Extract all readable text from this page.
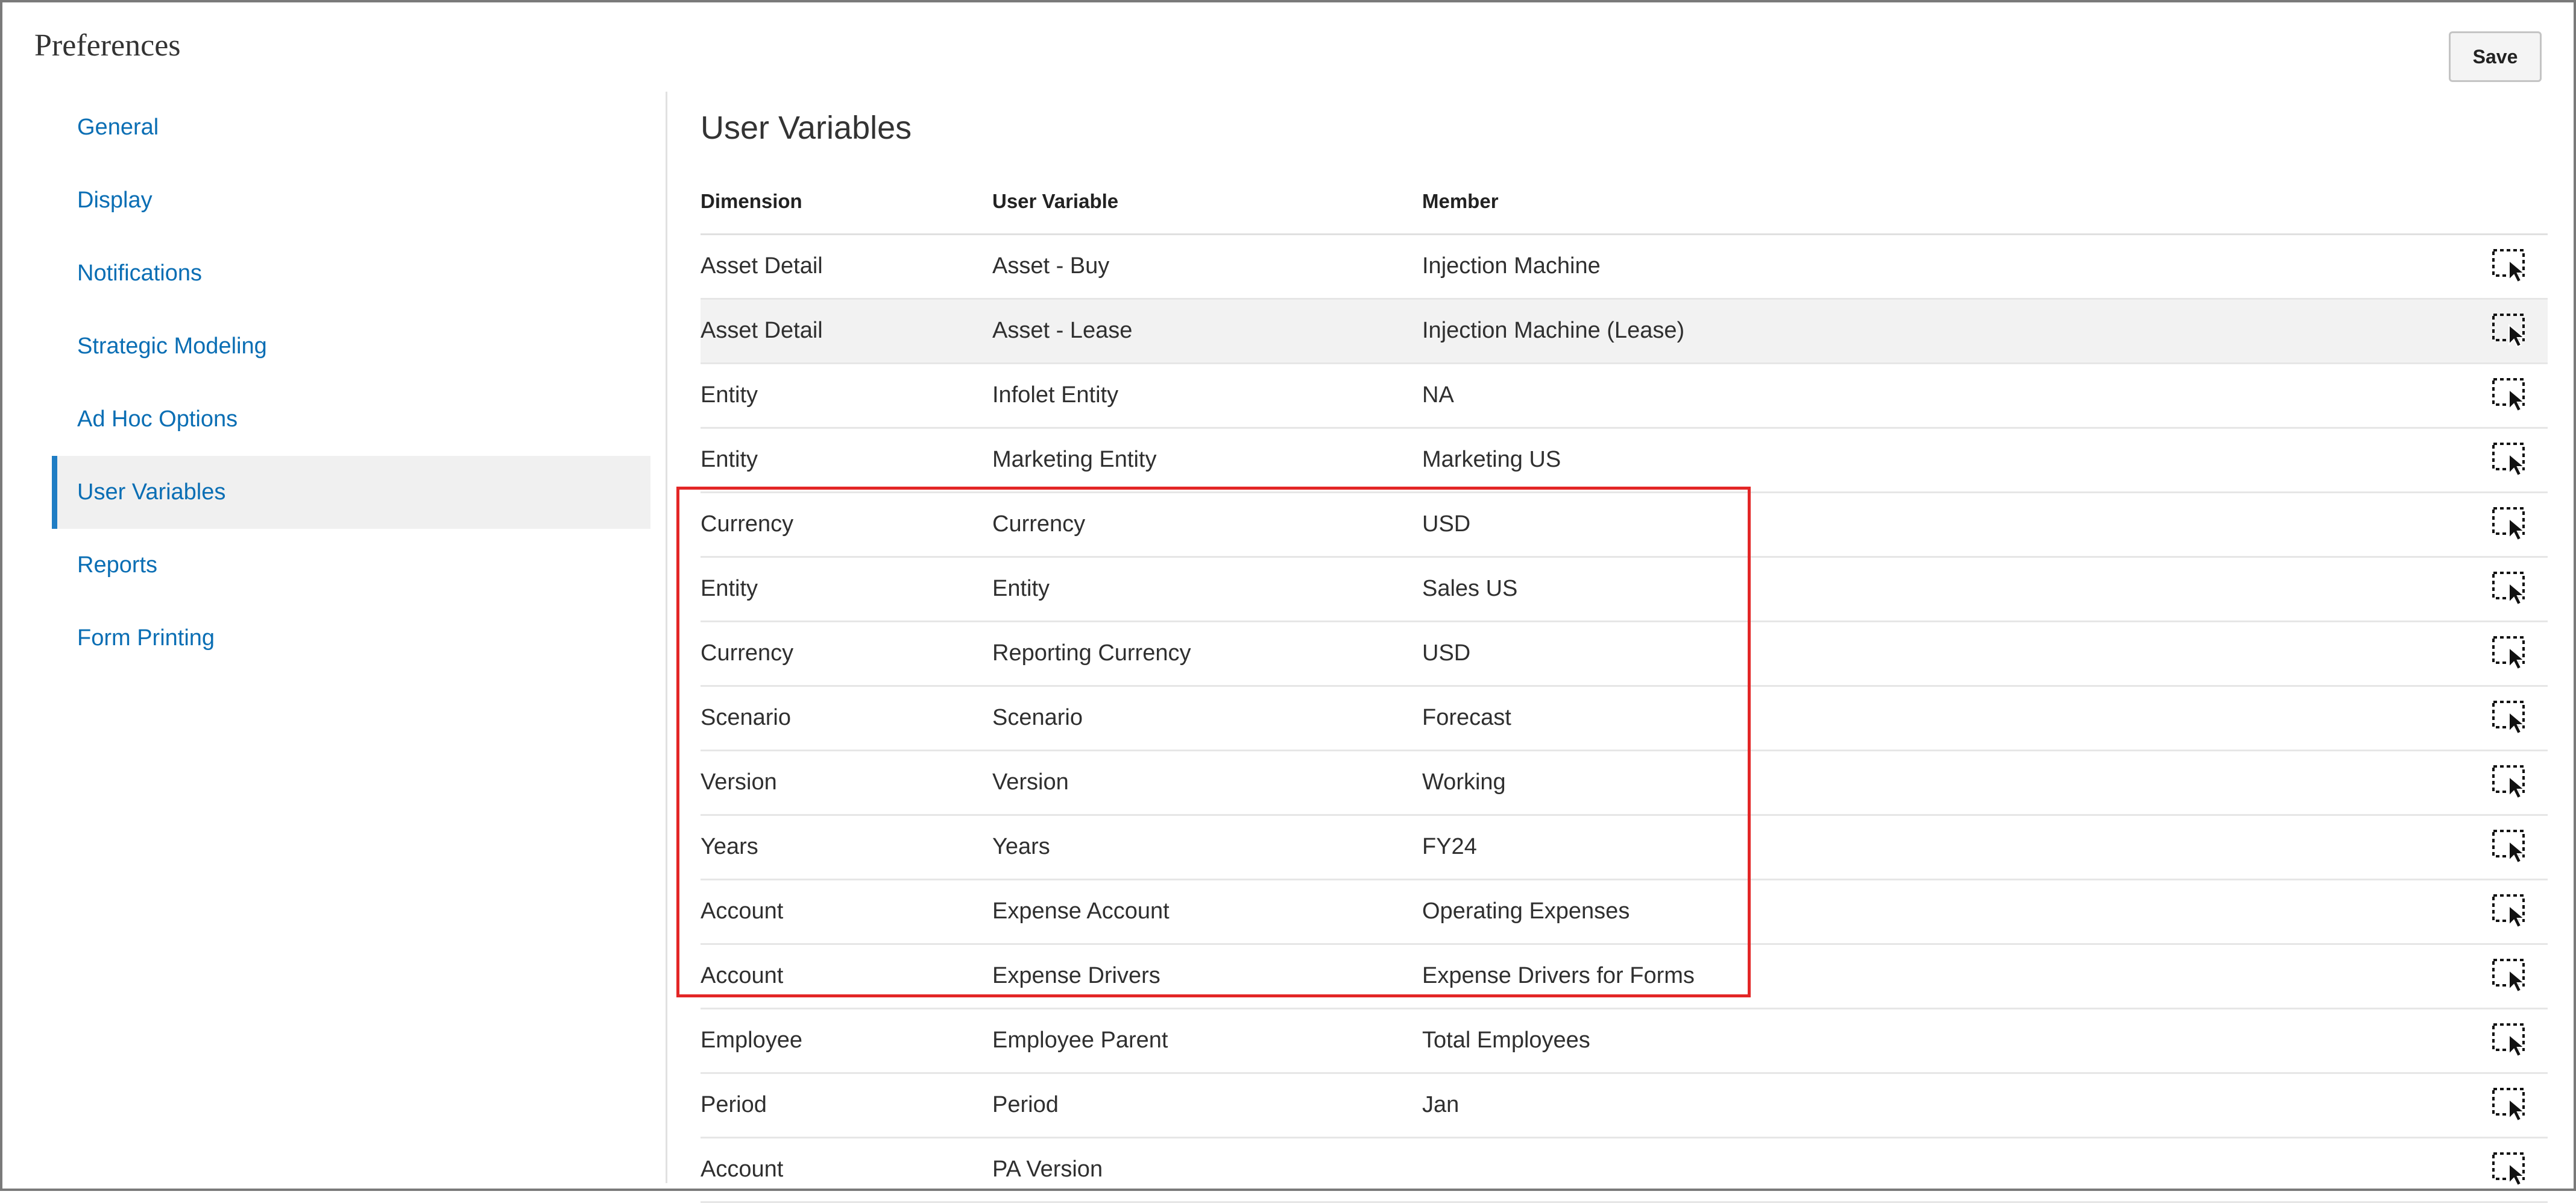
Preferences	Save
General
Display
Notifications
Strategic Modeling
Ad Hoc Options
User Variables
Reports
Form Printing
User Variables
Dimension	User Variable	Member
Asset Detail	Asset - Buy	Injection Machine
Asset Detail	Asset - Lease	Injection Machine (Lease)
Entity	Infolet Entity	NA
Entity	Marketing Entity	Marketing US
Currency	Currency	USD
Entity	Entity	Sales US
Currency	Reporting Currency	USD
Scenario	Scenario	Forecast
Version	Version	Working
Years	Years	FY24
Account	Expense Account	Operating Expenses
Account	Expense Drivers	Expense Drivers for Forms
Employee	Employee Parent	Total Employees
Period	Period	Jan
Account	PA Version
